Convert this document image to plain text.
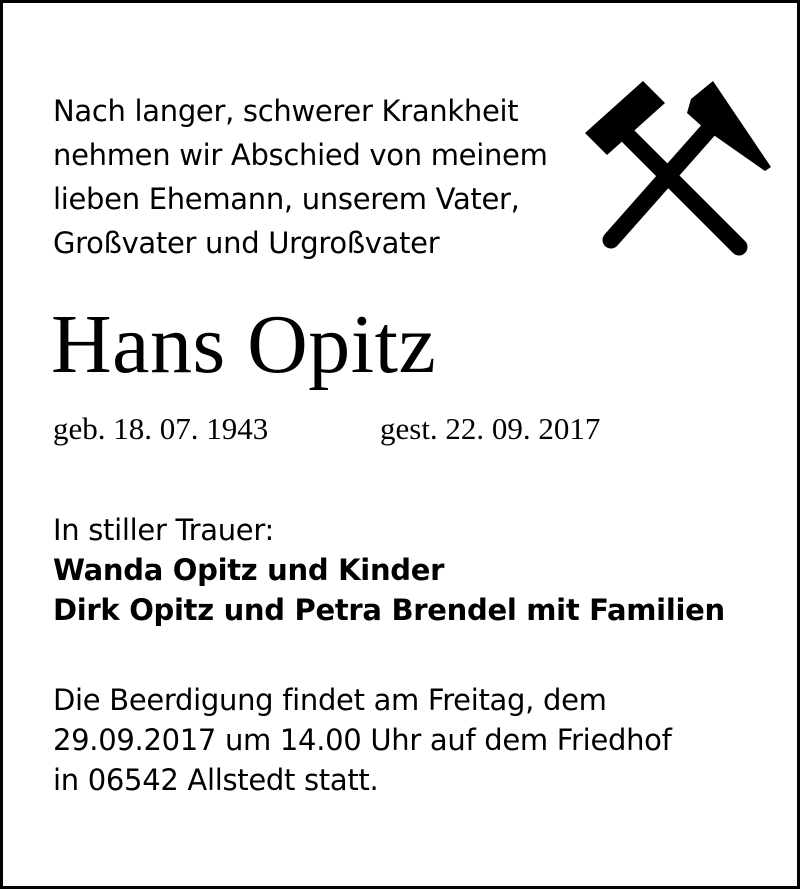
Nach langer, schwerer Krankheit
nehmen wir Abschied von meinem
lieben Ehemann, unserem Vater,
Großvater und Urgroßvater
Hans Opitz
geb. 18. 07. 1943	gest. 22. 09. 2017
In stiller Trauer:
Wanda Opitz und Kinder
Dirk Opitz und Petra Brendel mit Familien
Die Beerdigung findet am Freitag, dem
29.09.2017 um 14.00 Uhr auf dem Friedhof
in 06542 Allstedt statt.
